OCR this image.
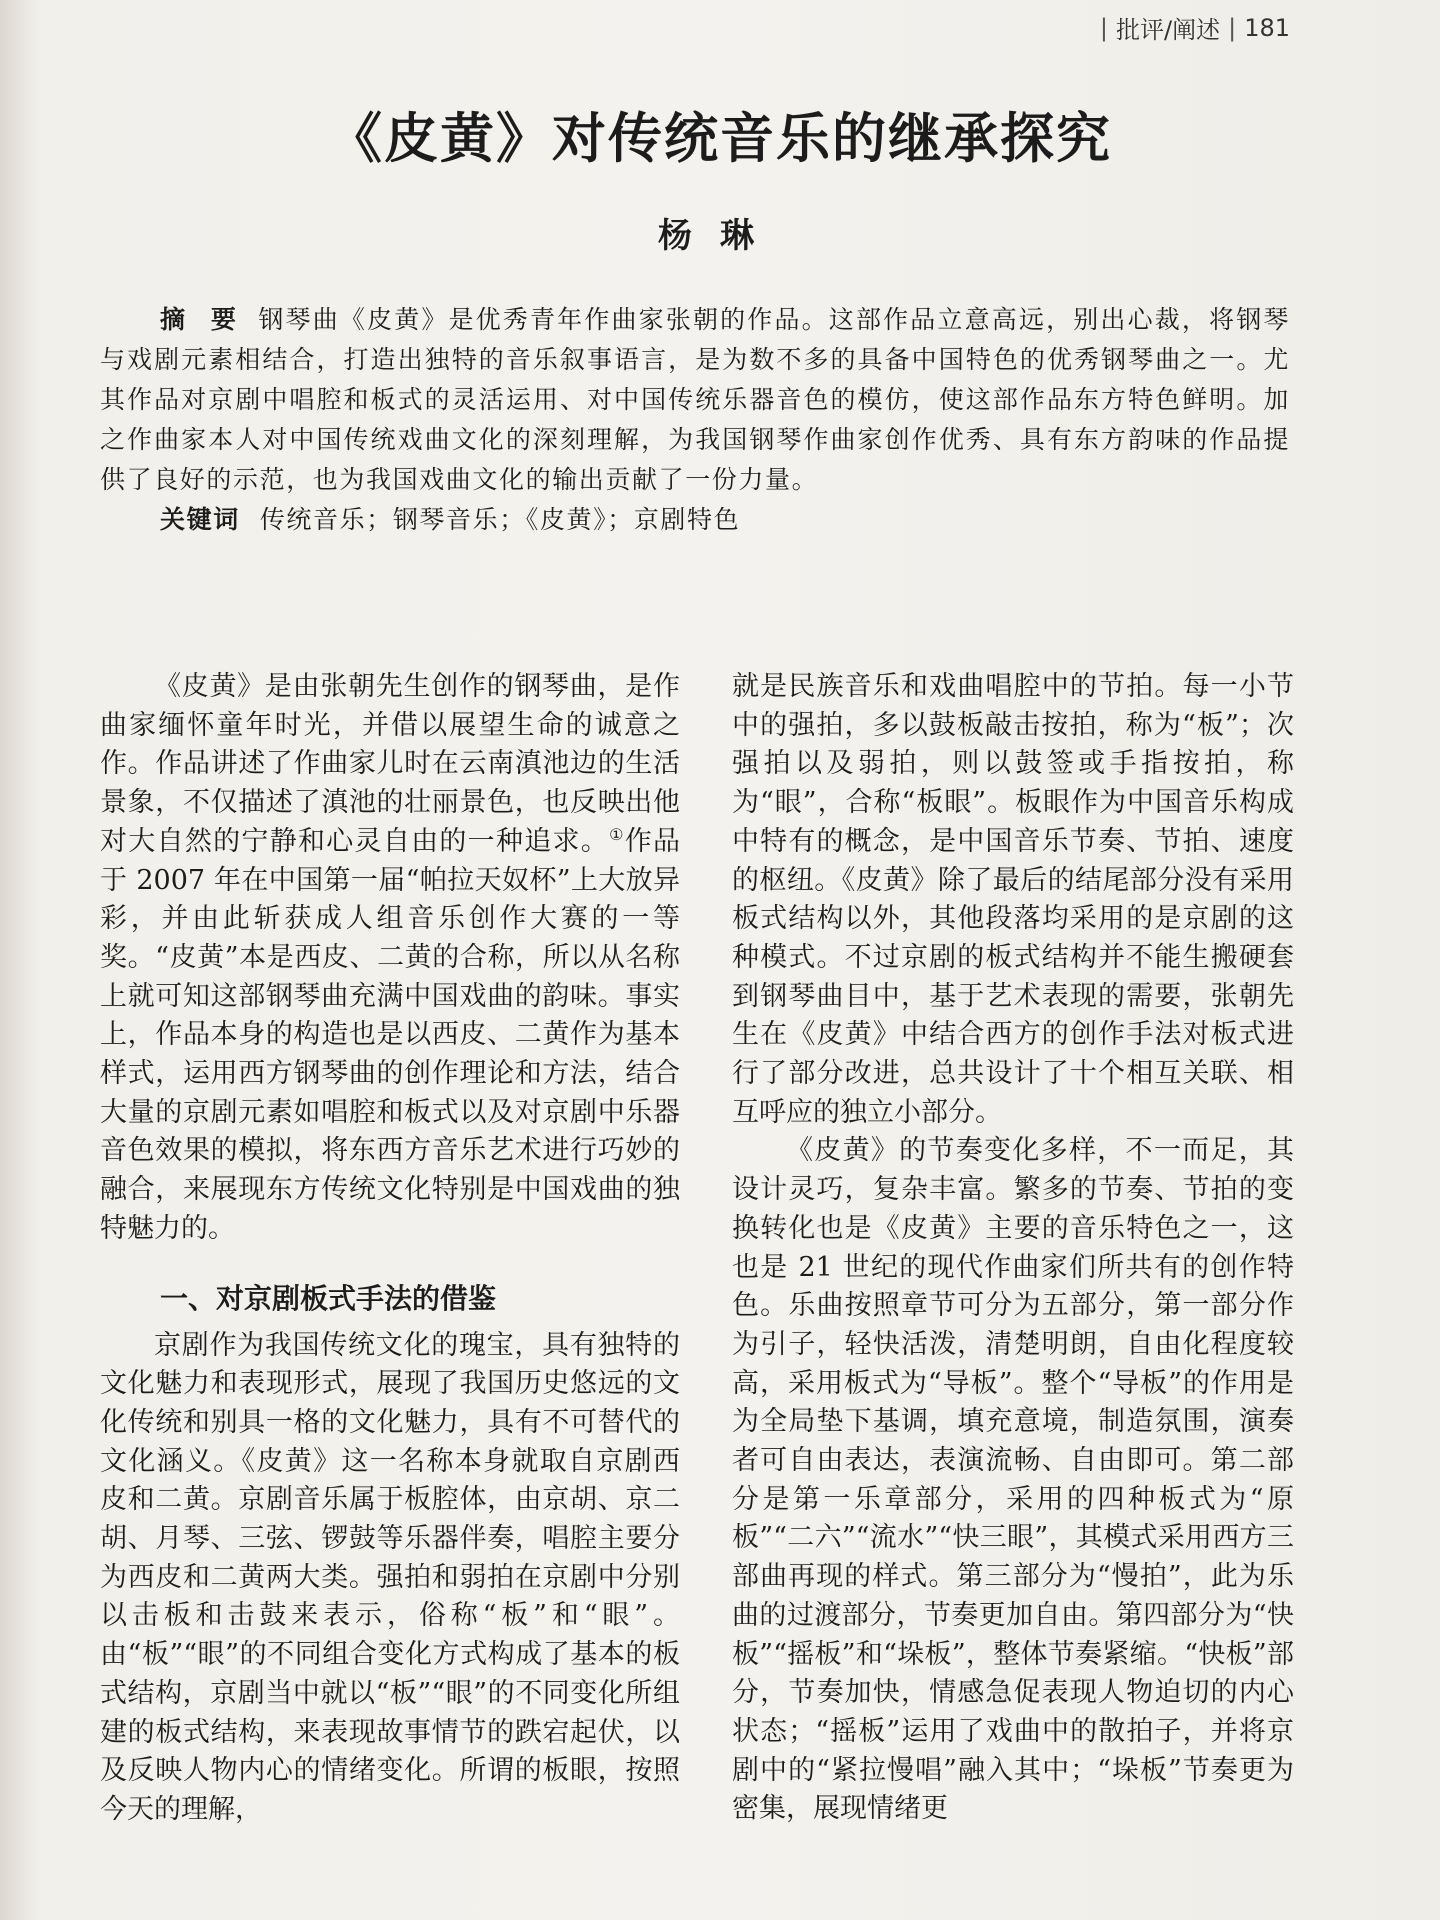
| 批评/阐述 | 181
《皮黄》对传统音乐的继承探究
杨琳
摘 要 钢琴曲《皮黄》是优秀青年作曲家张朝的作品。这部作品立意高远，别出心裁，将钢琴与戏剧元素相结合，打造出独特的音乐叙事语言，是为数不多的具备中国特色的优秀钢琴曲之一。尤其作品对京剧中唱腔和板式的灵活运用、对中国传统乐器音色的模仿，使这部作品东方特色鲜明。加之作曲家本人对中国传统戏曲文化的深刻理解，为我国钢琴作曲家创作优秀、具有东方韵味的作品提供了良好的示范，也为我国戏曲文化的输出贡献了一份力量。
关键词 传统音乐；钢琴音乐；《皮黄》；京剧特色

《皮黄》是由张朝先生创作的钢琴曲，是作曲家缅怀童年时光，并借以展望生命的诚意之作。作品讲述了作曲家儿时在云南滇池边的生活景象，不仅描述了滇池的壮丽景色，也反映出他对大自然的宁静和心灵自由的一种追求。①作品于 2007 年在中国第一届“帕拉天奴杯”上大放异彩，并由此斩获成人组音乐创作大赛的一等奖。“皮黄”本是西皮、二黄的合称，所以从名称上就可知这部钢琴曲充满中国戏曲的韵味。事实上，作品本身的构造也是以西皮、二黄作为基本样式，运用西方钢琴曲的创作理论和方法，结合大量的京剧元素如唱腔和板式以及对京剧中乐器音色效果的模拟，将东西方音乐艺术进行巧妙的融合，来展现东方传统文化特别是中国戏曲的独特魅力的。

一、对京剧板式手法的借鉴

京剧作为我国传统文化的瑰宝，具有独特的文化魅力和表现形式，展现了我国历史悠远的文化传统和别具一格的文化魅力，具有不可替代的文化涵义。《皮黄》这一名称本身就取自京剧西皮和二黄。京剧音乐属于板腔体，由京胡、京二胡、月琴、三弦、锣鼓等乐器伴奏，唱腔主要分为西皮和二黄两大类。强拍和弱拍在京剧中分别以击板和击鼓来表示，俗称“板”和“眼”。由“板”“眼”的不同组合变化方式构成了基本的板式结构，京剧当中就以“板”“眼”的不同变化所组建的板式结构，来表现故事情节的跌宕起伏，以及反映人物内心的情绪变化。所谓的板眼，按照今天的理解，

就是民族音乐和戏曲唱腔中的节拍。每一小节中的强拍，多以鼓板敲击按拍，称为“板”；次强拍以及弱拍，则以鼓签或手指按拍，称为“眼”，合称“板眼”。板眼作为中国音乐构成中特有的概念，是中国音乐节奏、节拍、速度的枢纽。《皮黄》除了最后的结尾部分没有采用板式结构以外，其他段落均采用的是京剧的这种模式。不过京剧的板式结构并不能生搬硬套到钢琴曲目中，基于艺术表现的需要，张朝先生在《皮黄》中结合西方的创作手法对板式进行了部分改进，总共设计了十个相互关联、相互呼应的独立小部分。

《皮黄》的节奏变化多样，不一而足，其设计灵巧，复杂丰富。繁多的节奏、节拍的变换转化也是《皮黄》主要的音乐特色之一，这也是 21 世纪的现代作曲家们所共有的创作特色。乐曲按照章节可分为五部分，第一部分作为引子，轻快活泼，清楚明朗，自由化程度较高，采用板式为“导板”。整个“导板”的作用是为全局垫下基调，填充意境，制造氛围，演奏者可自由表达，表演流畅、自由即可。第二部分是第一乐章部分，采用的四种板式为“原板”“二六”“流水”“快三眼”，其模式采用西方三部曲再现的样式。第三部分为“慢拍”，此为乐曲的过渡部分，节奏更加自由。第四部分为“快板”“摇板”和“垛板”，整体节奏紧缩。“快板”部分，节奏加快，情感急促表现人物迫切的内心状态；“摇板”运用了戏曲中的散拍子，并将京剧中的“紧拉慢唱”融入其中；“垛板”节奏更为密集，展现情绪更
